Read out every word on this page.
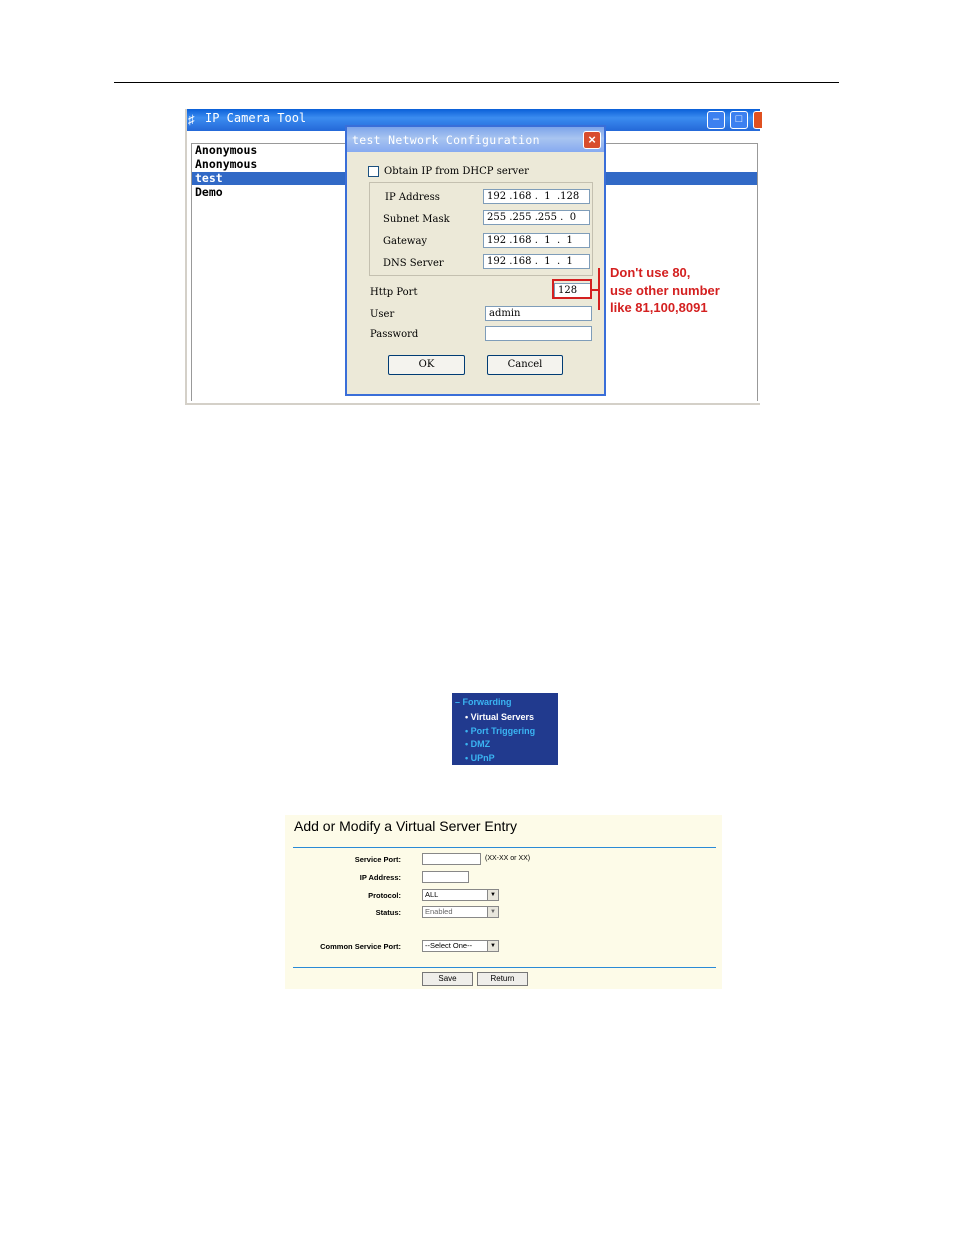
♯ IP Camera Tool	–	□
Anonymous
Anonymous
test
Demo
test Network Configuration	×
Obtain IP from DHCP server
IP Address	192 .168 .  1  .128
Subnet Mask	255 .255 .255 .  0
Gateway	192 .168 .  1  .  1
DNS Server	192 .168 .  1  .  1
Http Port	128
User	admin
Password
OK	Cancel
Don't use 80,
use other number
like 81,100,8091
– Forwarding
• Virtual Servers
• Port Triggering
• DMZ
• UPnP
Add or Modify a Virtual Server Entry
Service Port:	(XX-XX or XX)
IP Address:
Protocol:	ALL	▼
Status:	Enabled	▼
Common Service Port:	--Select One--	▼
Save	Return
